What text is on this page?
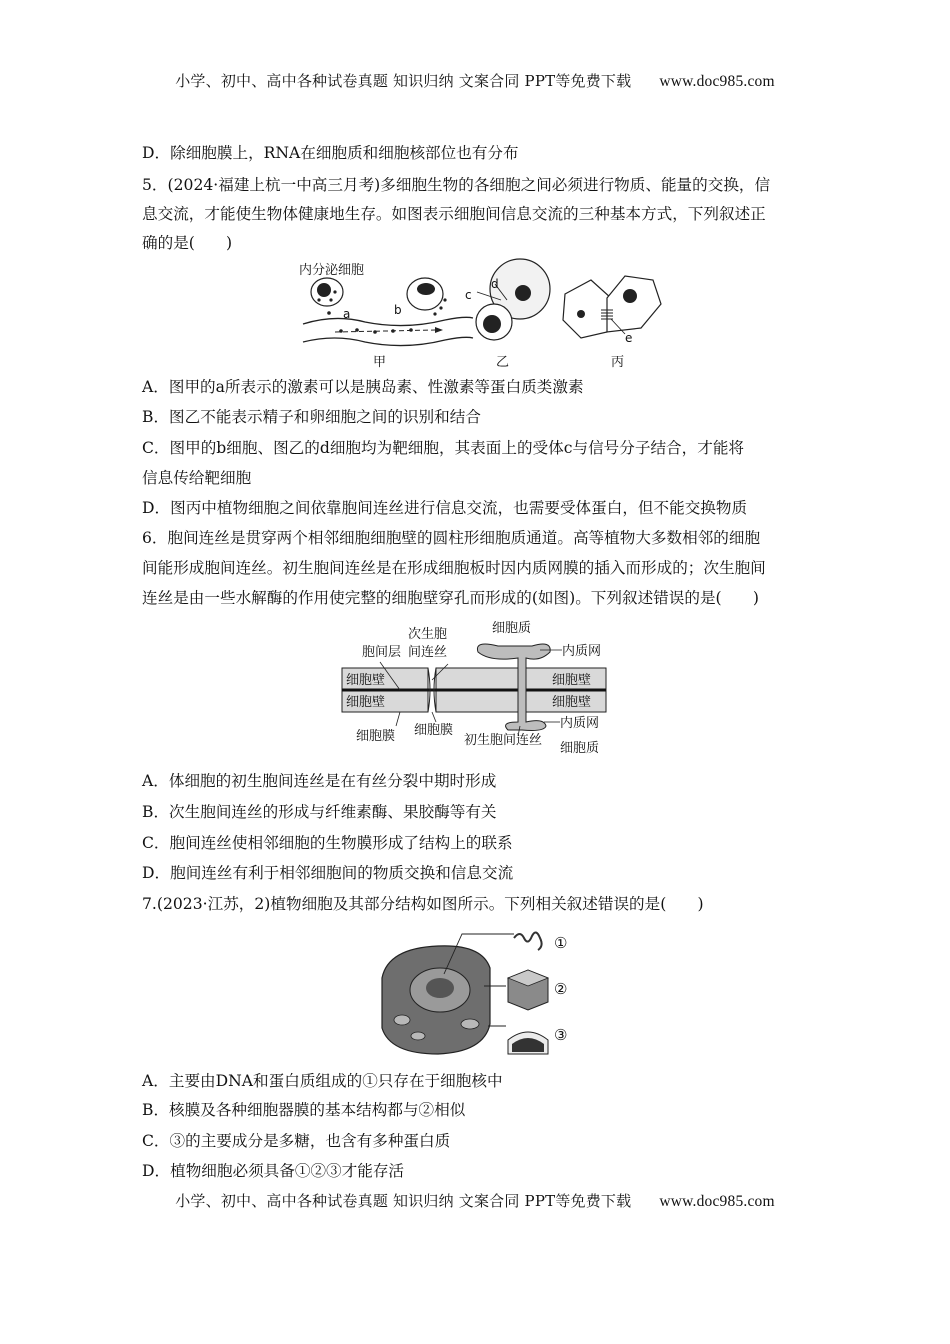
小学、初中、高中各种试卷真题 知识归纳 文案合同 PPT等免费下载 www.doc985.com
D．除细胞膜上，RNA在细胞质和细胞核部位也有分布
5．(2024·福建上杭一中高三月考)多细胞生物的各细胞之间必须进行物质、能量的交换，信
息交流，才能使生物体健康地生存。如图表示细胞间信息交流的三种基本方式，下列叙述正
确的是(　　)
内分泌细胞
a	b
c
d
e
甲	乙	丙
A．图甲的a所表示的激素可以是胰岛素、性激素等蛋白质类激素
B．图乙不能表示精子和卵细胞之间的识别和结合
C．图甲的b细胞、图乙的d细胞均为靶细胞，其表面上的受体c与信号分子结合，才能将
信息传给靶细胞
D．图丙中植物细胞之间依靠胞间连丝进行信息交流，也需要受体蛋白，但不能交换物质
6．胞间连丝是贯穿两个相邻细胞细胞壁的圆柱形细胞质通道。高等植物大多数相邻的细胞
间能形成胞间连丝。初生胞间连丝是在形成细胞板时因内质网膜的插入而形成的；次生胞间
连丝是由一些水解酶的作用使完整的细胞壁穿孔而形成的(如图)。下列叙述错误的是(　　)
次生胞
间连丝
细胞质
胞间层	内质网
细胞壁
细胞壁
细胞壁
细胞壁
细胞膜 细胞膜
初生胞间连丝
内质网
细胞质
A．体细胞的初生胞间连丝是在有丝分裂中期时形成
B．次生胞间连丝的形成与纤维素酶、果胶酶等有关
C．胞间连丝使相邻细胞的生物膜形成了结构上的联系
D．胞间连丝有利于相邻细胞间的物质交换和信息交流
7.(2023·江苏，2)植物细胞及其部分结构如图所示。下列相关叙述错误的是(　　)
①
②
③
A．主要由DNA和蛋白质组成的①只存在于细胞核中
B．核膜及各种细胞器膜的基本结构都与②相似
C．③的主要成分是多糖，也含有多种蛋白质
D．植物细胞必须具备①②③才能存活
小学、初中、高中各种试卷真题 知识归纳 文案合同 PPT等免费下载 www.doc985.com
